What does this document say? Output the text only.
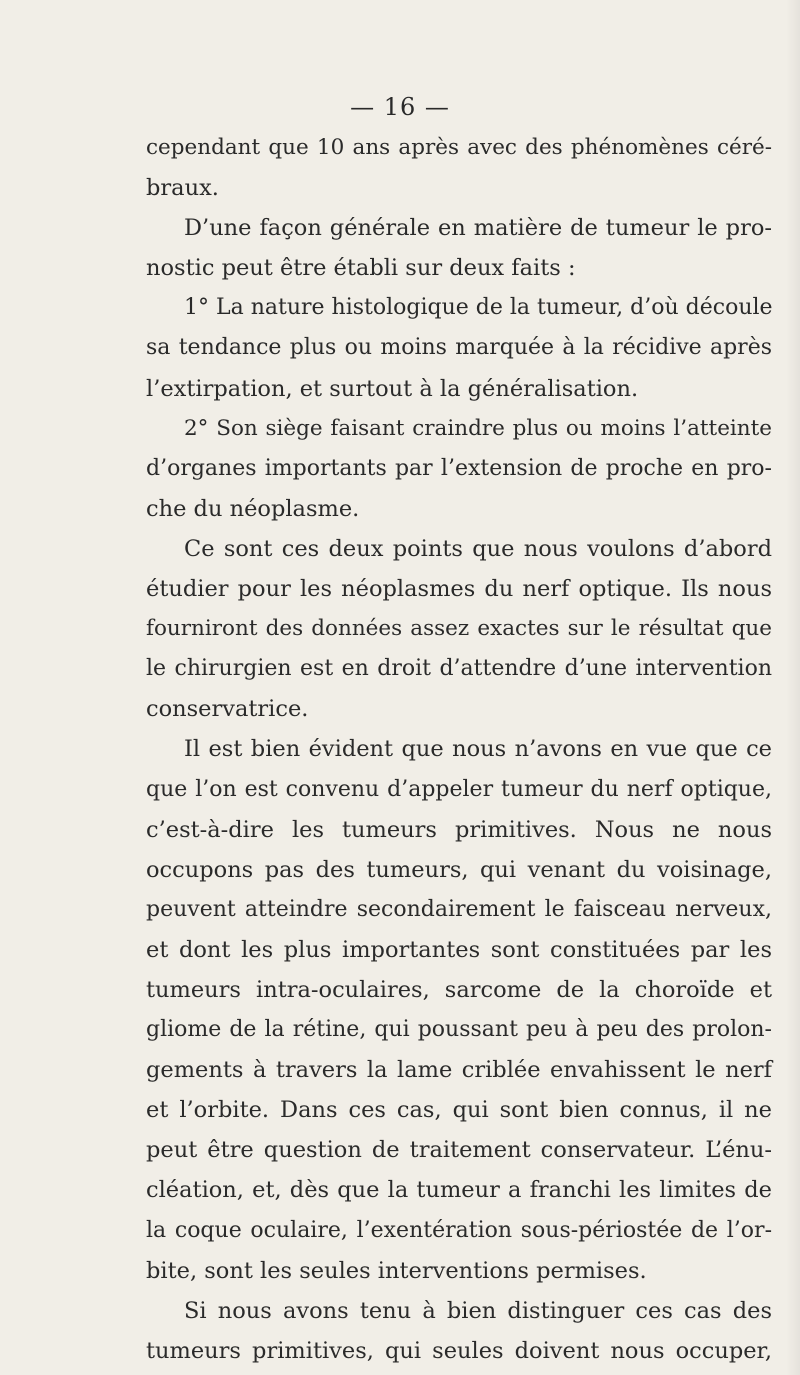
— 16 —
cependant que 10 ans après avec des phénomènes céré-
braux.
D’une façon générale en matière de tumeur le pro-
nostic peut être établi sur deux faits :
1° La nature histologique de la tumeur, d’où découle
sa tendance plus ou moins marquée à la récidive après
l’extirpation, et surtout à la généralisation.
2° Son siège faisant craindre plus ou moins l’atteinte
d’organes importants par l’extension de proche en pro-
che du néoplasme.
Ce sont ces deux points que nous voulons d’abord
étudier pour les néoplasmes du nerf optique. Ils nous
fourniront des données assez exactes sur le résultat que
le chirurgien est en droit d’attendre d’une intervention
conservatrice.
Il est bien évident que nous n’avons en vue que ce
que l’on est convenu d’appeler tumeur du nerf optique,
c’est-à-dire les tumeurs primitives. Nous ne nous
occupons pas des tumeurs, qui venant du voisinage,
peuvent atteindre secondairement le faisceau nerveux,
et dont les plus importantes sont constituées par les
tumeurs intra-oculaires, sarcome de la choroïde et
gliome de la rétine, qui poussant peu à peu des prolon-
gements à travers la lame criblée envahissent le nerf
et l’orbite. Dans ces cas, qui sont bien connus, il ne
peut être question de traitement conservateur. L’énu-
cléation, et, dès que la tumeur a franchi les limites de
la coque oculaire, l’exentération sous-périostée de l’or-
bite, sont les seules interventions permises.
Si nous avons tenu à bien distinguer ces cas des
tumeurs primitives, qui seules doivent nous occuper,
